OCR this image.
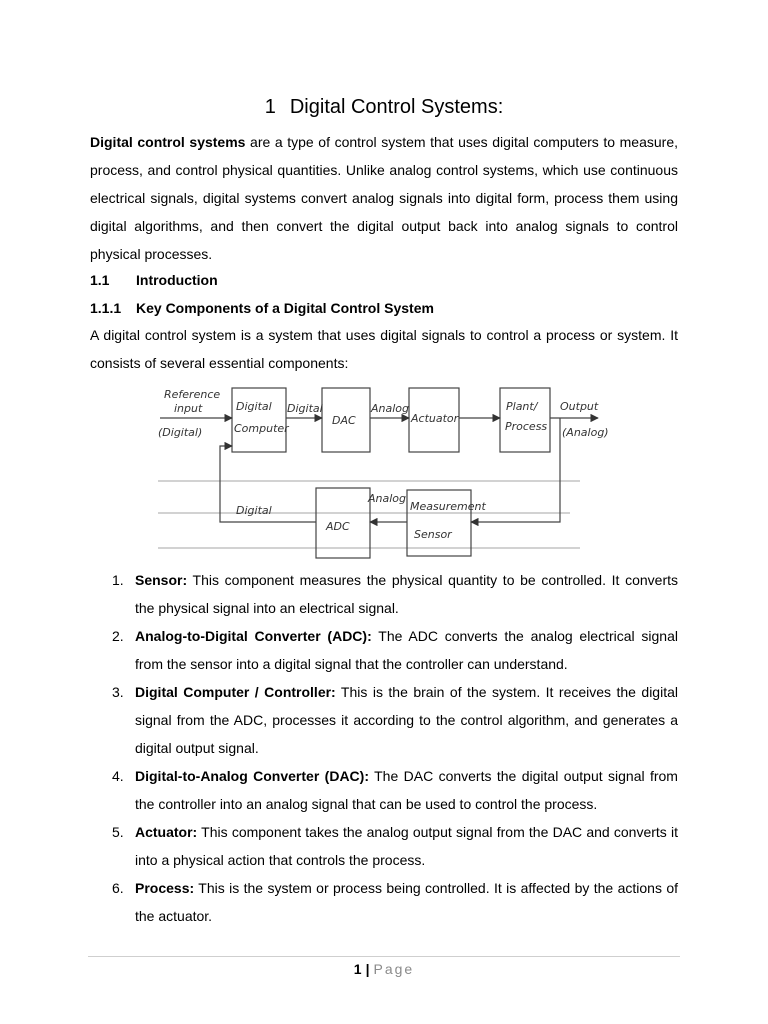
1 Digital Control Systems:

Digital control systems are a type of control system that uses digital computers to measure, process, and control physical quantities. Unlike analog control systems, which use continuous electrical signals, digital systems convert analog signals into digital form, process them using digital algorithms, and then convert the digital output back into analog signals to control physical processes.

1.1 Introduction
1.1.1 Key Components of a Digital Control System

A digital control system is a system that uses digital signals to control a process or system. It consists of several essential components:

Reference
input
(Digital)
Digital
Computer
Digital
DAC
Analog
Actuator
Plant/
Process
Output
(Analog)
Digital
ADC
Analog
Measurement
Sensor
1. Sensor: This component measures the physical quantity to be controlled. It converts the physical signal into an electrical signal.
2. Analog-to-Digital Converter (ADC): The ADC converts the analog electrical signal from the sensor into a digital signal that the controller can understand.
3. Digital Computer / Controller: This is the brain of the system. It receives the digital signal from the ADC, processes it according to the control algorithm, and generates a digital output signal.
4. Digital-to-Analog Converter (DAC): The DAC converts the digital output signal from the controller into an analog signal that can be used to control the process.
5. Actuator: This component takes the analog output signal from the DAC and converts it into a physical action that controls the process.
6. Process: This is the system or process being controlled. It is affected by the actions of the actuator.
1 | Page
